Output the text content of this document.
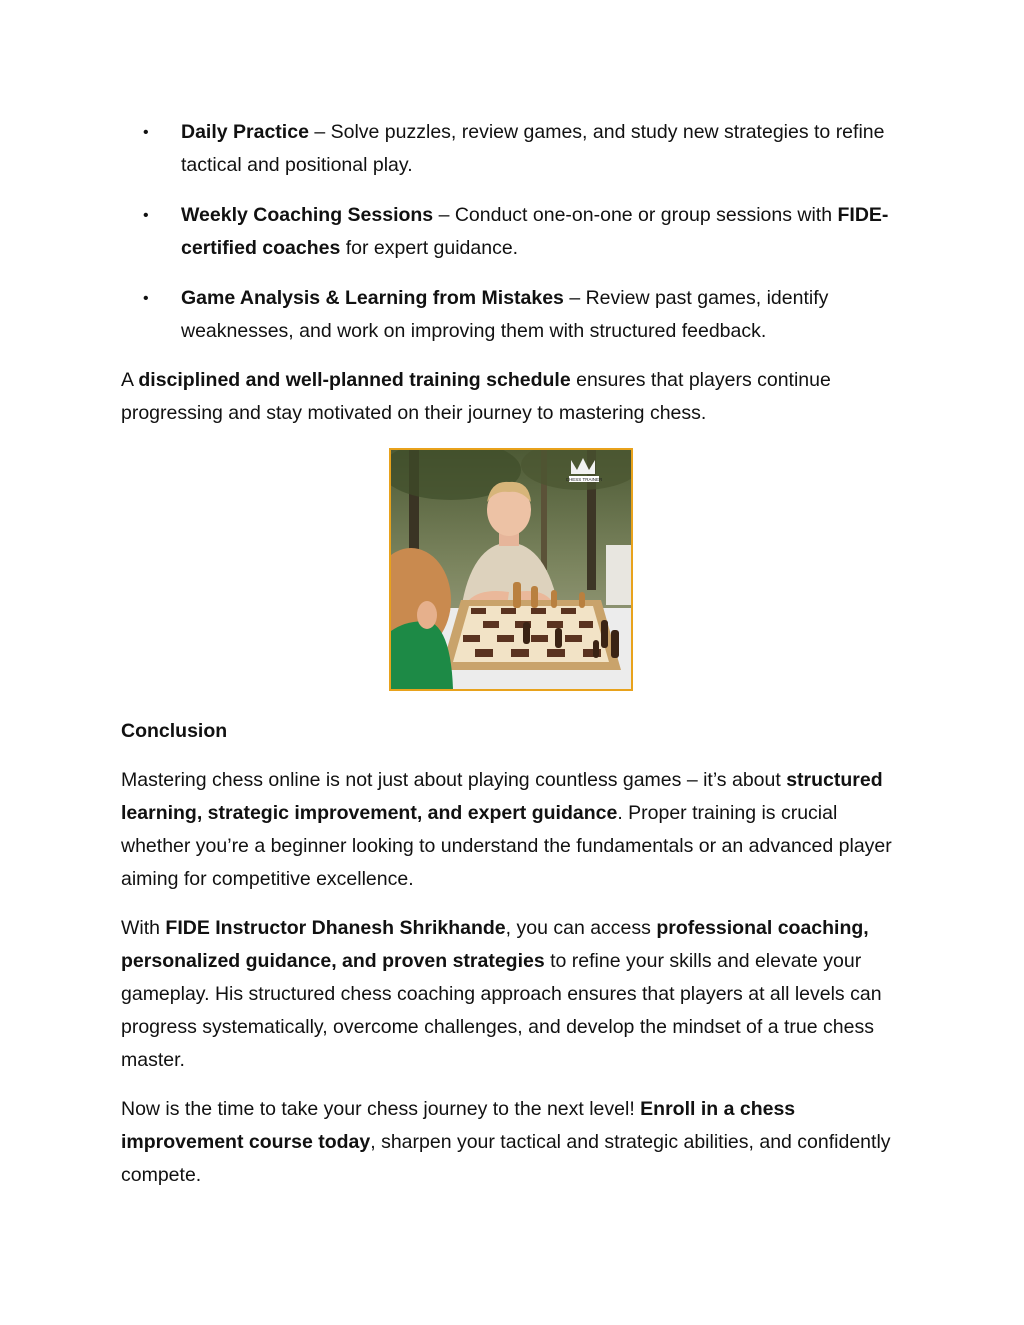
• Daily Practice – Solve puzzles, review games, and study new strategies to refine tactical and positional play.
• Weekly Coaching Sessions – Conduct one-on-one or group sessions with FIDE-certified coaches for expert guidance.
• Game Analysis & Learning from Mistakes – Review past games, identify weaknesses, and work on improving them with structured feedback.

A disciplined and well-planned training schedule ensures that players continue progressing and stay motivated on their journey to mastering chess.

CHESS TRAINER
Conclusion

Mastering chess online is not just about playing countless games – it’s about structured learning, strategic improvement, and expert guidance. Proper training is crucial whether you’re a beginner looking to understand the fundamentals or an advanced player aiming for competitive excellence.

With FIDE Instructor Dhanesh Shrikhande, you can access professional coaching, personalized guidance, and proven strategies to refine your skills and elevate your gameplay. His structured chess coaching approach ensures that players at all levels can progress systematically, overcome challenges, and develop the mindset of a true chess master.

Now is the time to take your chess journey to the next level! Enroll in a chess improvement course today, sharpen your tactical and strategic abilities, and confidently compete.
